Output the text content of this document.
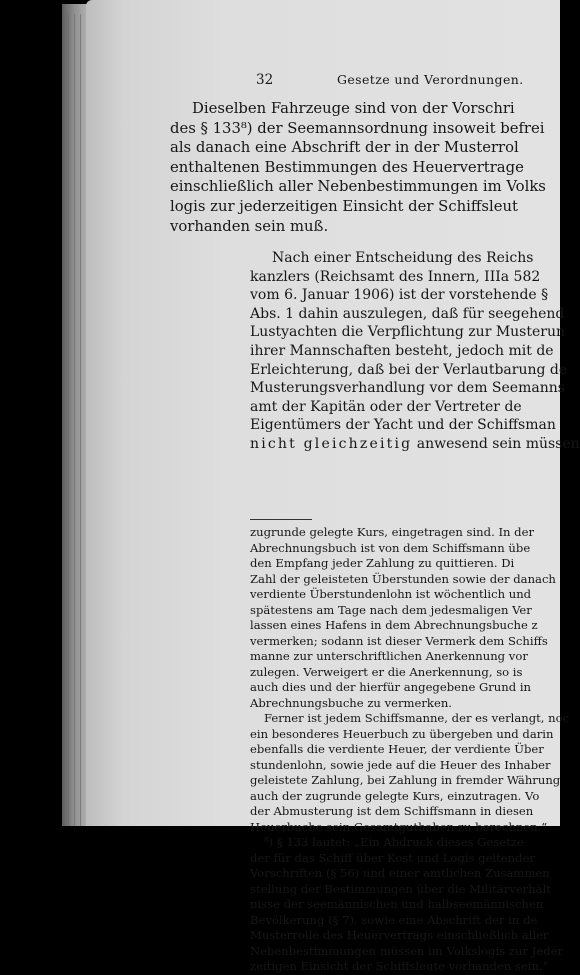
32	Gesetze und Verordnungen.
Dieselben Fahrzeuge sind von der Vorschri
des § 133⁸) der Seemannsordnung insoweit befrei
als danach eine Abschrift der in der Musterrol
enthaltenen Bestimmungen des Heuervertrage
einschließlich aller Nebenbestimmungen im Volks
logis zur jederzeitigen Einsicht der Schiffsleut
vorhanden sein muß.
Nach einer Entscheidung des Reichs
kanzlers (Reichsamt des Innern, IIIa 582
vom 6. Januar 1906) ist der vorstehende §
Abs. 1 dahin auszulegen, daß für seegehend
Lustyachten die Verpflichtung zur Musterun
ihrer Mannschaften besteht, jedoch mit de
Erleichterung, daß bei der Verlautbarung de
Musterungsverhandlung vor dem Seemanns
amt der Kapitän oder der Vertreter de
Eigentümers der Yacht und der Schiffsman
nicht gleichzeitig anwesend sein müssen
zugrunde gelegte Kurs, eingetragen sind. In der
Abrechnungsbuch ist von dem Schiffsmann übe
den Empfang jeder Zahlung zu quittieren. Di
Zahl der geleisteten Überstunden sowie der danach
verdiente Überstundenlohn ist wöchentlich und
spätestens am Tage nach dem jedesmaligen Ver
lassen eines Hafens in dem Abrechnungsbuche z
vermerken; sodann ist dieser Vermerk dem Schiffs
manne zur unterschriftlichen Anerkennung vor
zulegen. Verweigert er die Anerkennung, so is
auch dies und der hierfür angegebene Grund in
Abrechnungsbuche zu vermerken.
Ferner ist jedem Schiffsmanne, der es verlangt, noc
ein besonderes Heuerbuch zu übergeben und darin
ebenfalls die verdiente Heuer, der verdiente Über
stundenlohn, sowie jede auf die Heuer des Inhaber
geleistete Zahlung, bei Zahlung in fremder Währung
auch der zugrunde gelegte Kurs, einzutragen. Vo
der Abmusterung ist dem Schiffsmann in diesen
Heuerbuche sein Gesamtguthaben zu berechnen.“
⁸) § 133 lautet: „Ein Abdruck dieses Gesetze
der für das Schiff über Kost und Logis geltender
Vorschriften (§ 56) und einer amtlichen Zusammen
stellung der Bestimmungen über die Militärverhält
nisse der seemännischen und halbseemännischen
Bevölkerung (§ 7), sowie eine Abschrift der in de
Musterrolle des Heuervertrags einschließlich aller
Nebenbestimmungen müssen im Volkslogis zur Jeder
zeitigen Einsicht der Schiffsleute vorhanden sein.“
